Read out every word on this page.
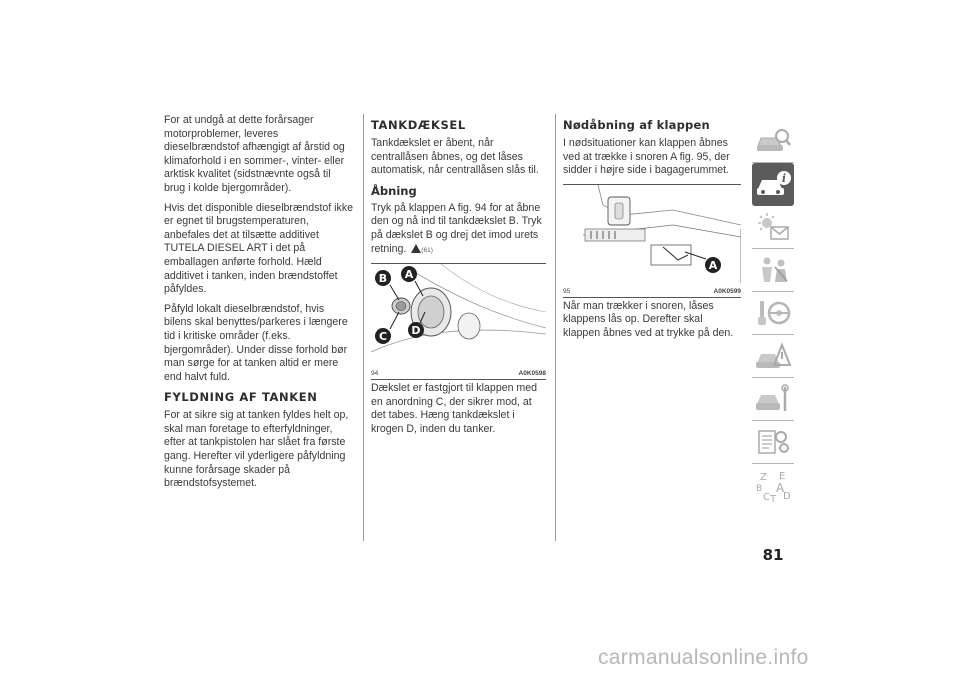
For at undgå at dette forårsager motorproblemer, leveres dieselbrændstof afhængigt af årstid og klimaforhold i en sommer-, vinter- eller arktisk kvalitet (sidstnævnte også til brug i kolde bjergområder).

Hvis det disponible dieselbrændstof ikke er egnet til brugstemperaturen, anbefales det at tilsætte additivet TUTELA DIESEL ART i det på emballagen anførte forhold. Hæld additivet i tanken, inden brændstoffet påfyldes.

Påfyld lokalt dieselbrændstof, hvis bilens skal benyttes/parkeres i længere tid i kritiske områder (f.eks. bjergområder). Under disse forhold bør man sørge for at tanken altid er mere end halvt fuld.

FYLDNING AF TANKEN

For at sikre sig at tanken fyldes helt op, skal man foretage to efterfyldninger, efter at tankpistolen har slået fra første gang. Herefter vil yderligere påfyldning kunne forårsage skader på brændstofsystemet.

TANKDÆKSEL

Tankdækslet er åbent, når centrallåsen åbnes, og det låses automatisk, når centrallåsen slås til.

Åbning

Tryk på klappen A fig. 94 for at åbne den og nå ind til tankdækslet B. Tryk på dækslet B og drej det imod urets retning. (61)

B A
C D
94	A0K0598

Dækslet er fastgjort til klappen med en anordning C, der sikrer mod, at det tabes. Hæng tankdækslet i krogen D, inden du tanker.

Nødåbning af klappen

I nødsituationer kan klappen åbnes ved at trække i snoren A fig. 95, der sidder i højre side i bagagerummet.

A
95	A0K0599

Når man trækker i snoren, låses klappens lås op. Derefter skal klappen åbnes ved at trykke på den.

i
Z E
B A
C T D
81
carmanualsonline.info
